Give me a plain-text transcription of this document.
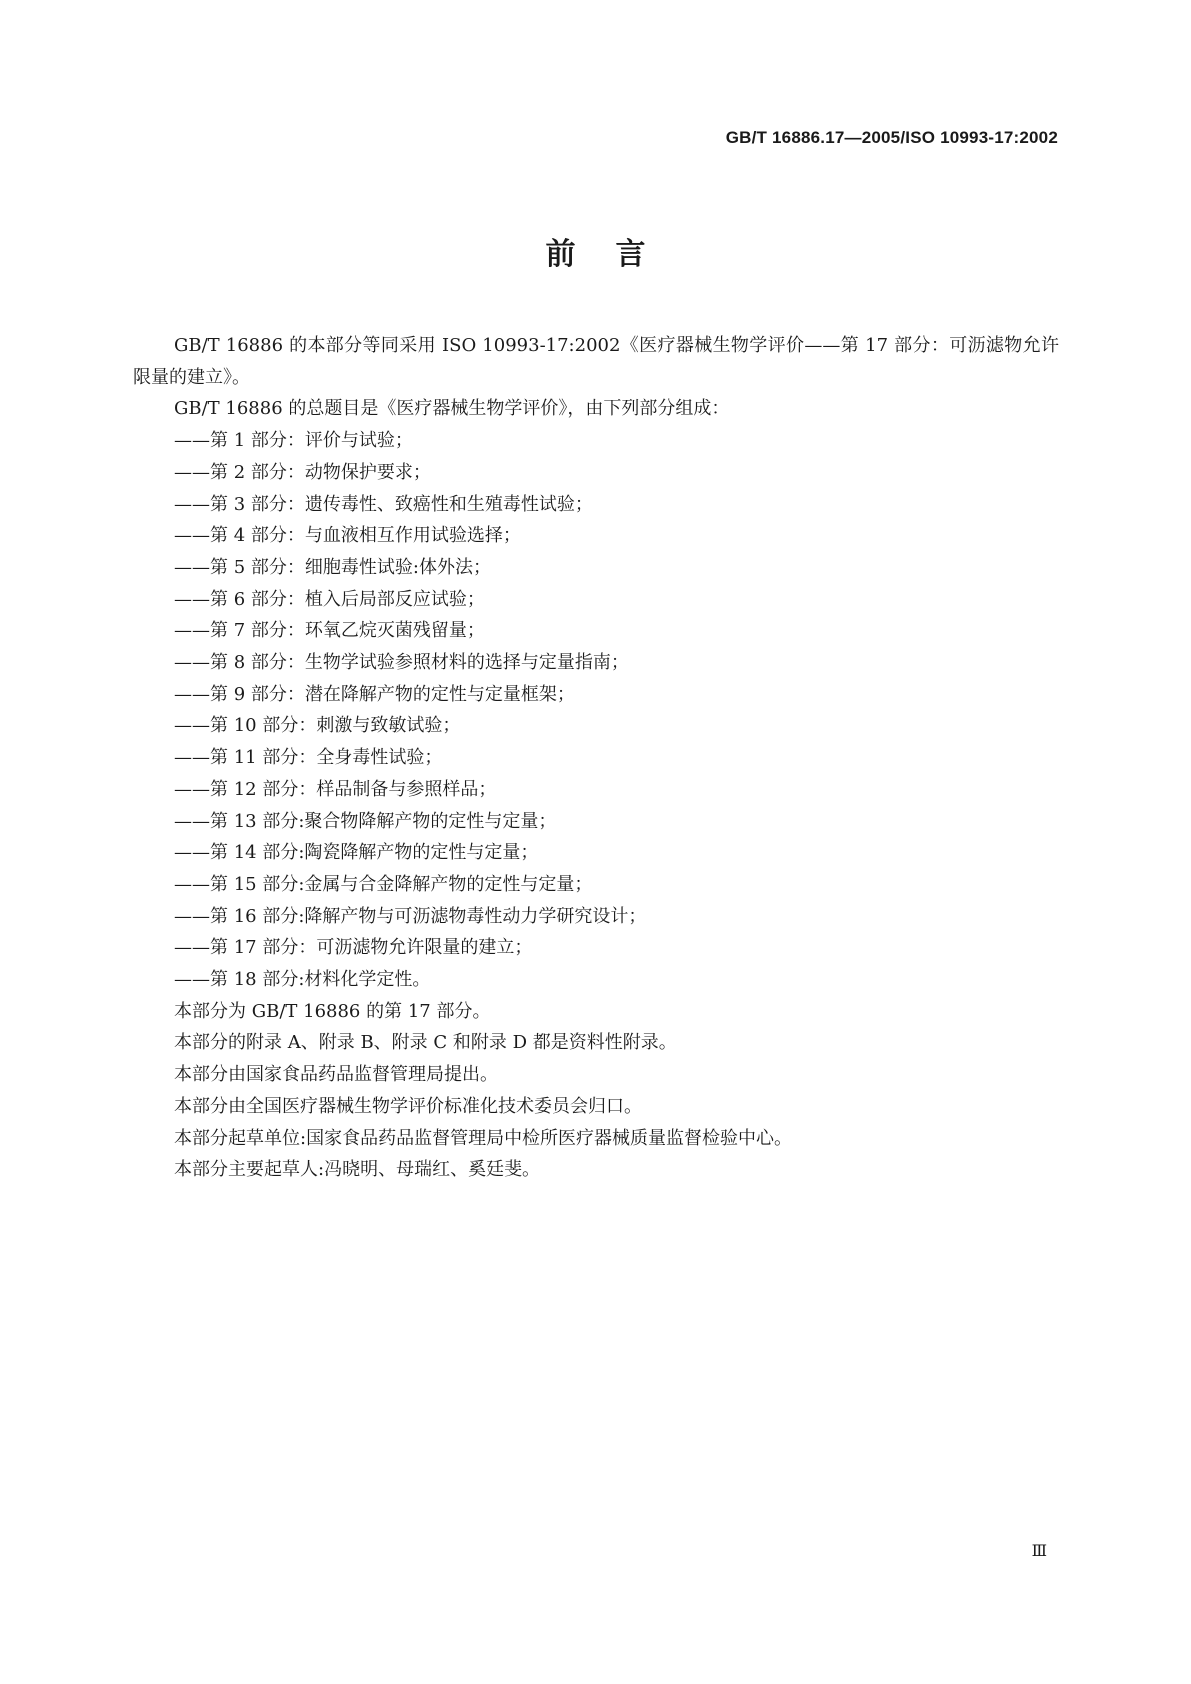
GB/T 16886.17—2005/ISO 10993-17:2002
前言

GB/T 16886 的本部分等同采用 ISO 10993-17:2002《医疗器械生物学评价——第 17 部分：可沥滤物允许限量的建立》。

GB/T 16886 的总题目是《医疗器械生物学评价》，由下列部分组成：

——第 1 部分：评价与试验；

——第 2 部分：动物保护要求；

——第 3 部分：遗传毒性、致癌性和生殖毒性试验；

——第 4 部分：与血液相互作用试验选择；

——第 5 部分：细胞毒性试验:体外法；

——第 6 部分：植入后局部反应试验；

——第 7 部分：环氧乙烷灭菌残留量；

——第 8 部分：生物学试验参照材料的选择与定量指南；

——第 9 部分：潜在降解产物的定性与定量框架；

——第 10 部分：刺激与致敏试验；

——第 11 部分：全身毒性试验；

——第 12 部分：样品制备与参照样品；

——第 13 部分:聚合物降解产物的定性与定量；

——第 14 部分:陶瓷降解产物的定性与定量；

——第 15 部分:金属与合金降解产物的定性与定量；

——第 16 部分:降解产物与可沥滤物毒性动力学研究设计；

——第 17 部分：可沥滤物允许限量的建立；

——第 18 部分:材料化学定性。

本部分为 GB/T 16886 的第 17 部分。

本部分的附录 A、附录 B、附录 C 和附录 D 都是资料性附录。

本部分由国家食品药品监督管理局提出。

本部分由全国医疗器械生物学评价标准化技术委员会归口。

本部分起草单位:国家食品药品监督管理局中检所医疗器械质量监督检验中心。

本部分主要起草人:冯晓明、母瑞红、奚廷斐。

Ⅲ
